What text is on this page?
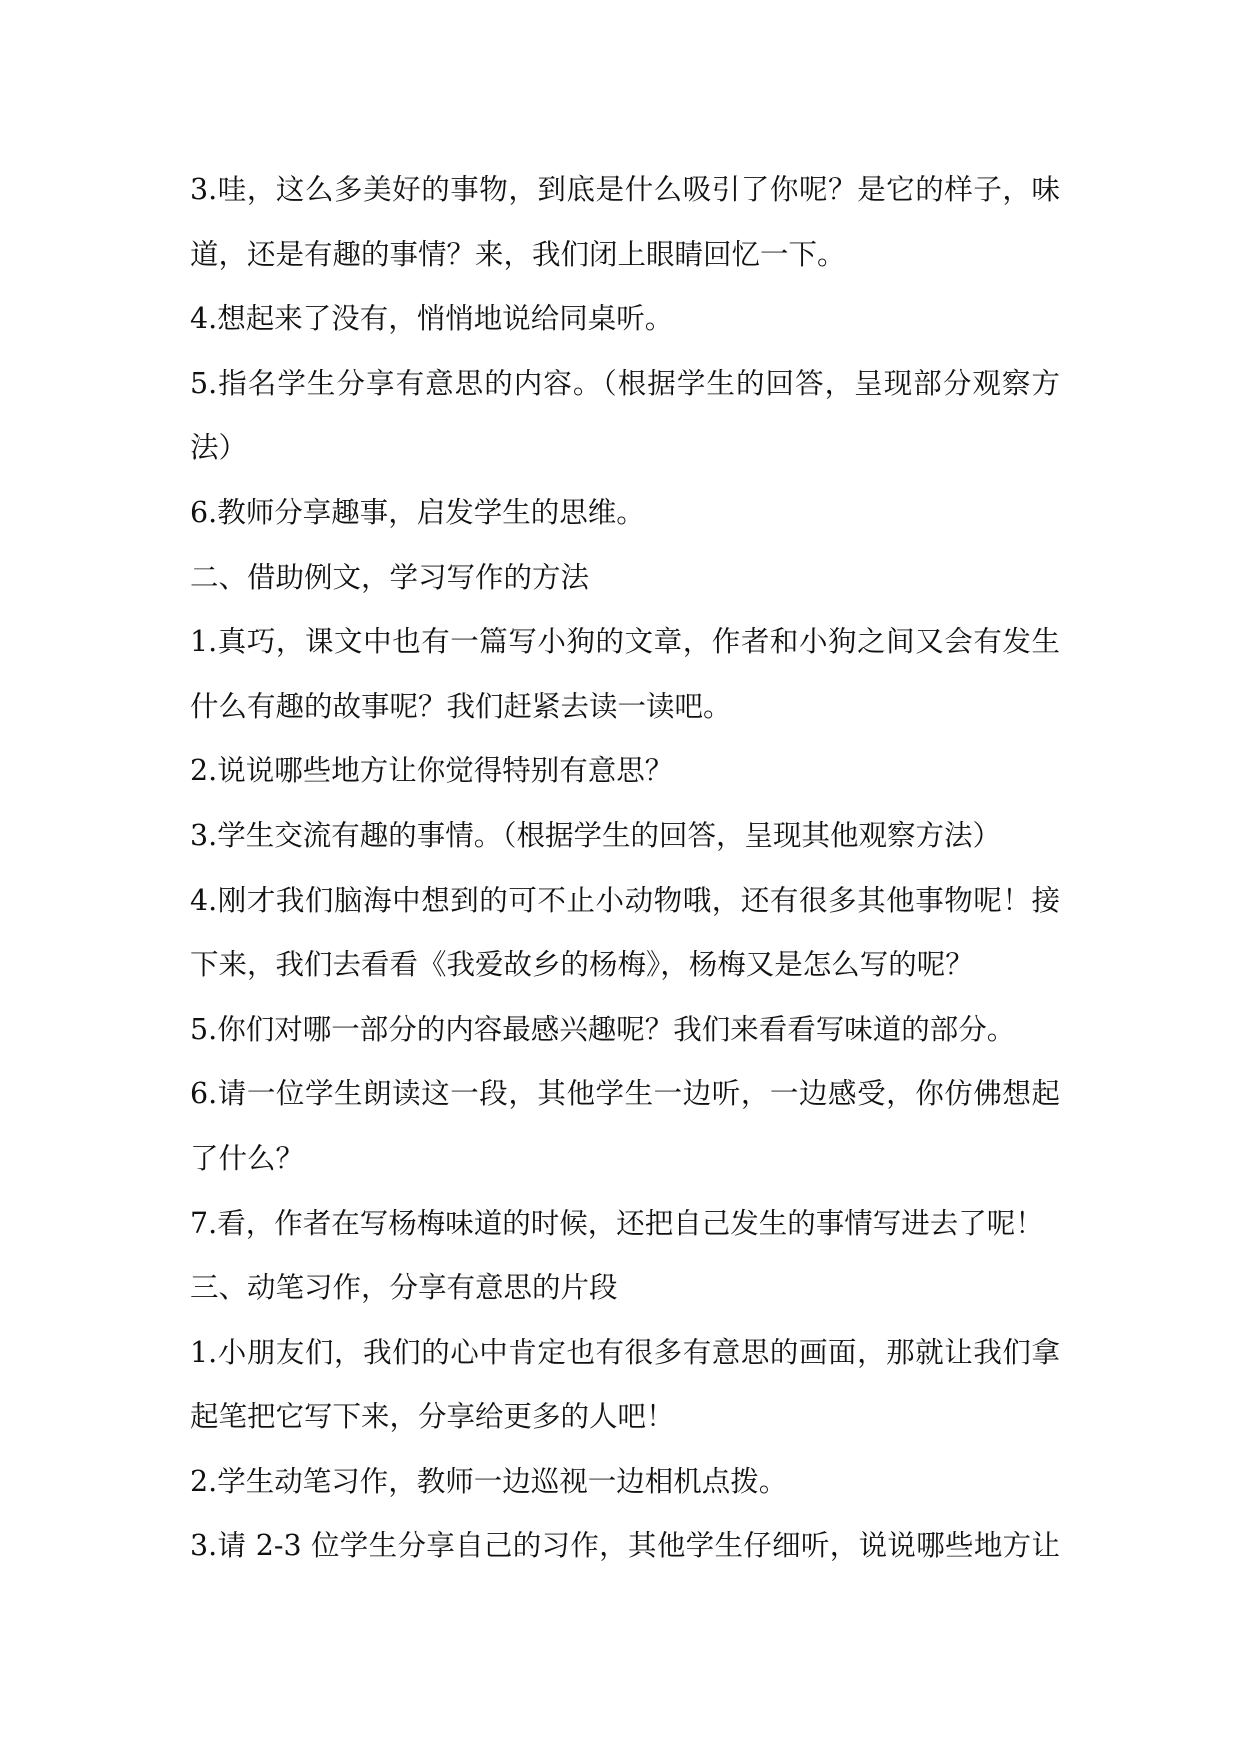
3.哇，这么多美好的事物，到底是什么吸引了你呢？是它的样子，味
道，还是有趣的事情？来，我们闭上眼睛回忆一下。
4.想起来了没有，悄悄地说给同桌听。
5.指名学生分享有意思的内容。（根据学生的回答，呈现部分观察方
法）
6.教师分享趣事，启发学生的思维。
二、借助例文，学习写作的方法
1.真巧，课文中也有一篇写小狗的文章，作者和小狗之间又会有发生
什么有趣的故事呢？我们赶紧去读一读吧。
2.说说哪些地方让你觉得特别有意思？
3.学生交流有趣的事情。（根据学生的回答，呈现其他观察方法）
4.刚才我们脑海中想到的可不止小动物哦，还有很多其他事物呢！接
下来，我们去看看《我爱故乡的杨梅》，杨梅又是怎么写的呢？
5.你们对哪一部分的内容最感兴趣呢？我们来看看写味道的部分。
6.请一位学生朗读这一段，其他学生一边听，一边感受，你仿佛想起
了什么？
7.看，作者在写杨梅味道的时候，还把自己发生的事情写进去了呢！
三、动笔习作，分享有意思的片段
1.小朋友们，我们的心中肯定也有很多有意思的画面，那就让我们拿
起笔把它写下来，分享给更多的人吧！
2.学生动笔习作，教师一边巡视一边相机点拨。
3.请 2-3 位学生分享自己的习作，其他学生仔细听，说说哪些地方让
